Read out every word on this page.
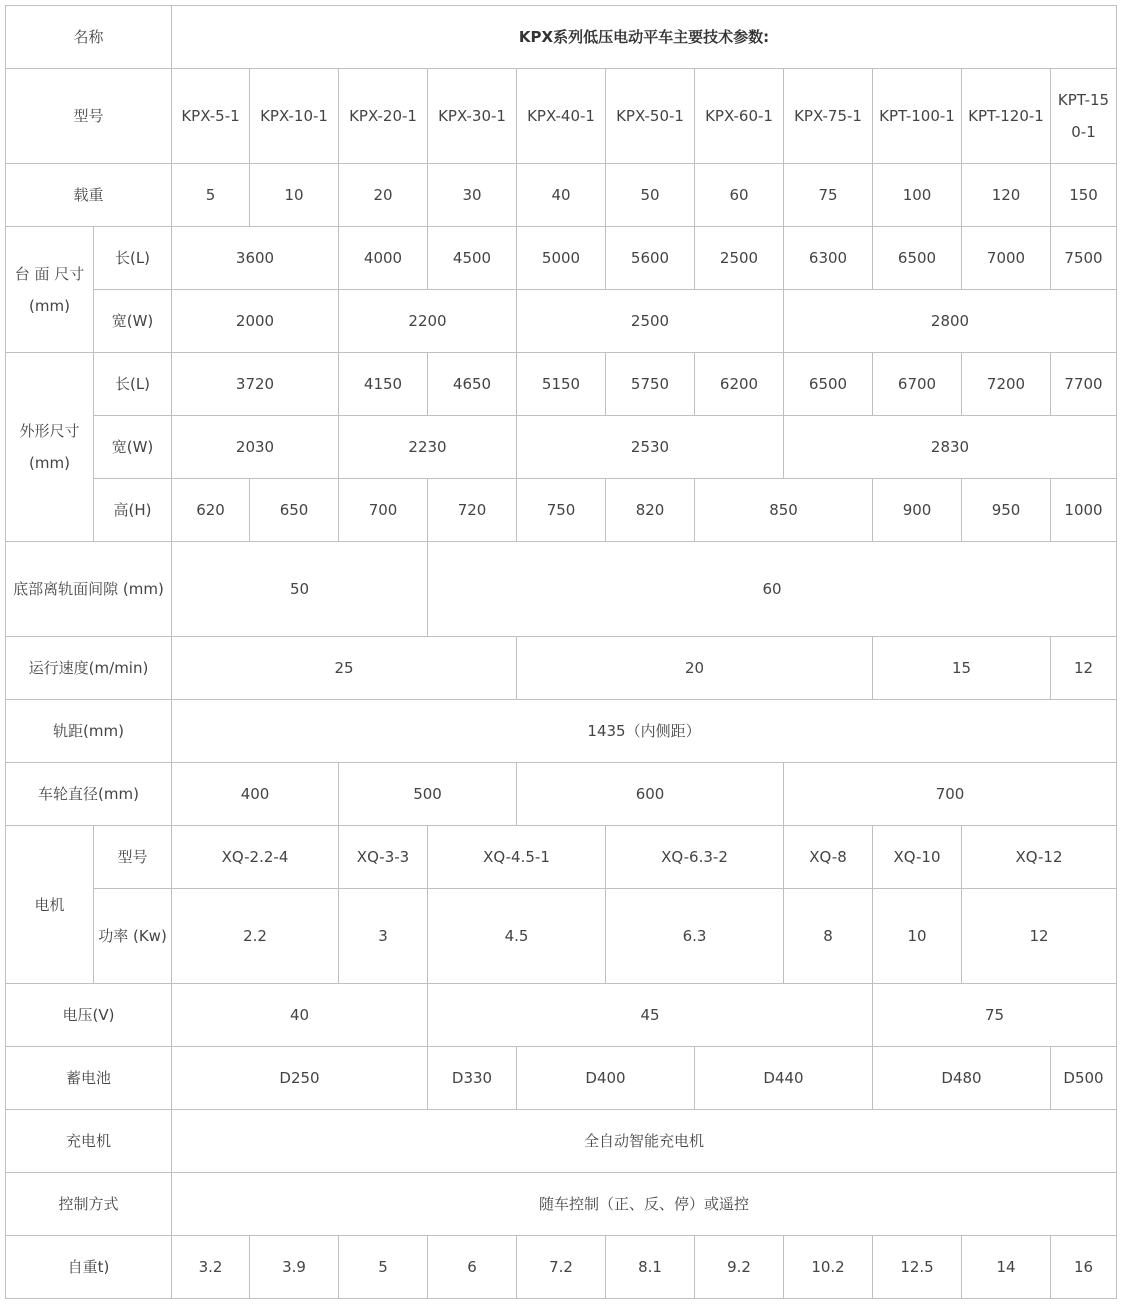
名称		KPX系列低压电动平车主要技术参数:										
型号		KPX-5-1	KPX-10-1	KPX-20-1	KPX-30-1	KPX-40-1	KPX-50-1	KPX-60-1	KPX-75-1	KPT-100-1	KPT-120-1	KPT-150-1
载重		5	10	20	30	40	50	60	75	100	120	150
台 面 尺寸 (mm)	长(L)	3600		4000	4500	5000	5600	2500	6300	6500	7000	7500
	宽(W)	2000		2200		2500			2800			
外形尺寸 (mm)	长(L)	3720		4150	4650	5150	5750	6200	6500	6700	7200	7700
	宽(W)	2030		2230		2530			2830			
	高(H)	620	650	700	720	750	820	850		900	950	1000
底部离轨面间隙 (mm)		50			60							
运行速度(m/min)		25				20				15		12
轨距(mm)		1435（内侧距）										
车轮直径(mm)		400		500		600			700			
电机	型号	XQ-2.2-4		XQ-3-3	XQ-4.5-1		XQ-6.3-2		XQ-8	XQ-10	XQ-12	
	功率 (Kw)	2.2		3	4.5		6.3		8	10	12	
电压(V)		40			45					75		
蓄电池		D250			D330	D400		D440		D480		D500
充电机		全自动智能充电机										
控制方式		随车控制（正、反、停）或遥控										
自重t)		3.2	3.9	5	6	7.2	8.1	9.2	10.2	12.5	14	16
